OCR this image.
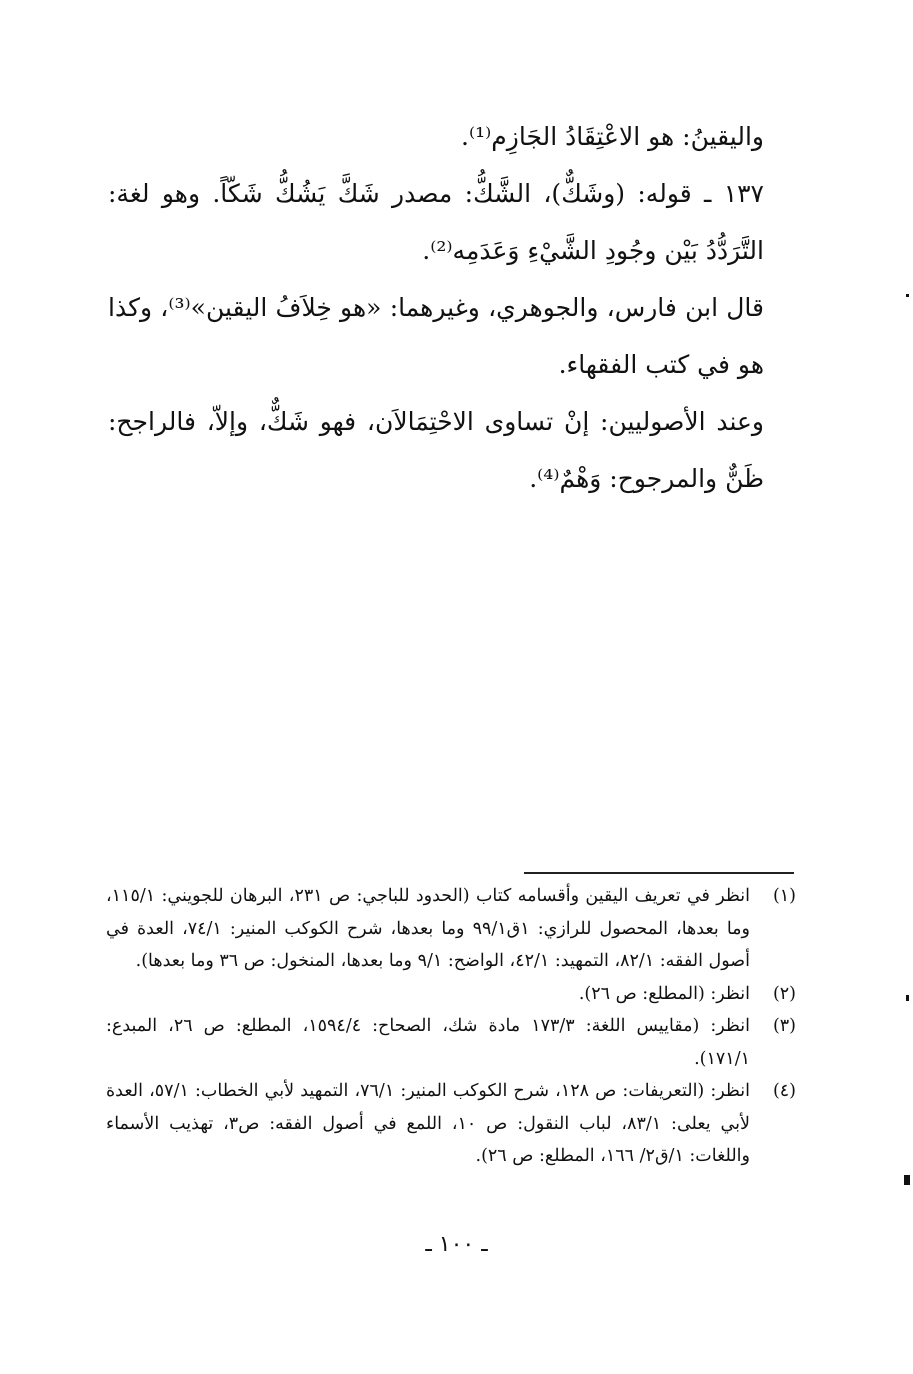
واليقينُ: هو الاعْتِقَادُ الجَازِم⁽¹⁾.

١٣٧ ـ قوله: (وشَكٌّ)، الشَّكُّ: مصدر شَكَّ يَشُكُّ شَكّاً. وهو لغة: التَّرَدُّدُ بَيْن وجُودِ الشَّيْءِ وَعَدَمِه⁽²⁾.

قال ابن فارس، والجوهري، وغيرهما: «هو خِلاَفُ اليقين»⁽³⁾، وكذا هو في كتب الفقهاء.

وعند الأصوليين: إنْ تساوى الاحْتِمَالاَن، فهو شَكٌّ، وإلاّ، فالراجح: ظَنٌّ والمرجوح: وَهْمٌ⁽⁴⁾.

(١)
انظر في تعريف اليقين وأقسامه كتاب (الحدود للباجي: ص ٢٣١، البرهان للجويني: ١١٥/١، وما بعدها، المحصول للرازي: ١ق٩٩/١ وما بعدها، شرح الكوكب المنير: ٧٤/١، العدة في أصول الفقه: ٨٢/١، التمهيد: ٤٢/١، الواضح: ٩/١ وما بعدها، المنخول: ص ٣٦ وما بعدها).

(٢)
انظر: (المطلع: ص ٢٦).

(٣)
انظر: (مقاييس اللغة: ١٧٣/٣ مادة شك، الصحاح: ١٥٩٤/٤، المطلع: ص ٢٦، المبدع: ١٧١/١).

(٤)
انظر: (التعريفات: ص ١٢٨، شرح الكوكب المنير: ٧٦/١، التمهيد لأبي الخطاب: ٥٧/١، العدة لأبي يعلى: ٨٣/١، لباب النقول: ص ١٠، اللمع في أصول الفقه: ص٣، تهذيب الأسماء واللغات: ١/ق٢/ ١٦٦، المطلع: ص ٢٦).

ـ ١٠٠ ـ
